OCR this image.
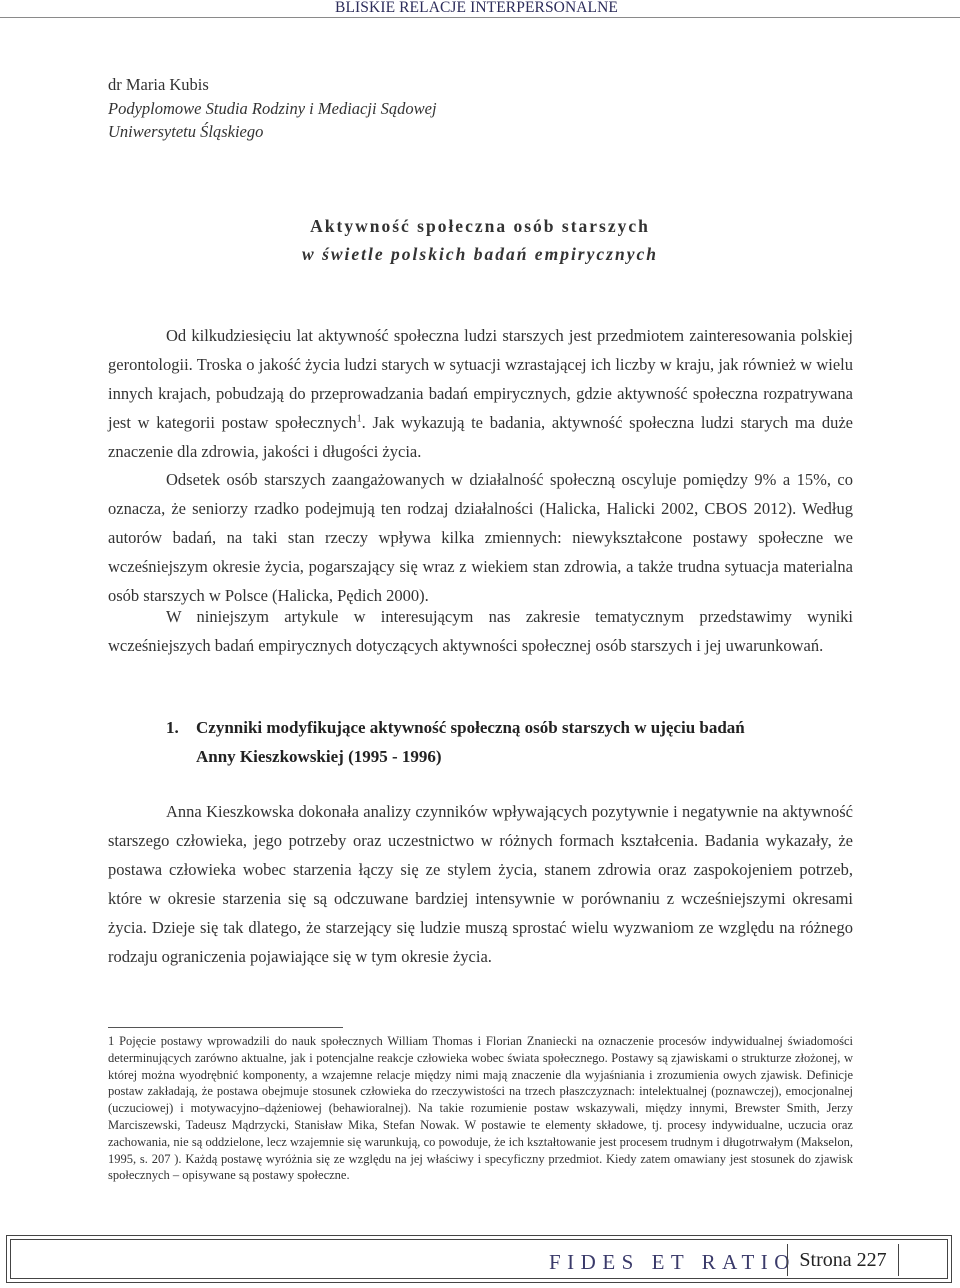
BLISKIE RELACJE INTERPERSONALNE
dr Maria Kubis
Podyplomowe Studia Rodziny i Mediacji Sądowej
Uniwersytetu Śląskiego
Aktywność społeczna osób starszych
w świetle polskich badań empirycznych

Od kilkudziesięciu lat aktywność społeczna ludzi starszych jest przedmiotem zainteresowania polskiej gerontologii. Troska o jakość życia ludzi starych w sytuacji wzrastającej ich liczby w kraju, jak również w wielu innych krajach, pobudzają do przeprowadzania badań empirycznych, gdzie aktywność społeczna rozpatrywana jest w kategorii postaw społecznych$^1$. Jak wykazują te badania, aktywność społeczna ludzi starych ma duże znaczenie dla zdrowia, jakości i długości życia.

Odsetek osób starszych zaangażowanych w działalność społeczną oscyluje pomiędzy 9% a 15%, co oznacza, że seniorzy rzadko podejmują ten rodzaj działalności (Halicka, Halicki 2002, CBOS 2012). Według autorów badań, na taki stan rzeczy wpływa kilka zmiennych: niewykształcone postawy społeczne we wcześniejszym okresie życia, pogarszający się wraz z wiekiem stan zdrowia, a także trudna sytuacja materialna osób starszych w Polsce (Halicka, Pędich 2000).

W niniejszym artykule w interesującym nas zakresie tematycznym przedstawimy wyniki wcześniejszych badań empirycznych dotyczących aktywności społecznej osób starszych i jej uwarunkowań.

1. Czynniki modyfikujące aktywność społeczną osób starszych w ujęciu badań
Anny Kieszkowskiej (1995 - 1996)

Anna Kieszkowska dokonała analizy czynników wpływających pozytywnie i negatywnie na aktywność starszego człowieka, jego potrzeby oraz uczestnictwo w różnych formach kształcenia. Badania wykazały, że postawa człowieka wobec starzenia łączy się ze stylem życia, stanem zdrowia oraz zaspokojeniem potrzeb, które w okresie starzenia się są odczuwane bardziej intensywnie w porównaniu z wcześniejszymi okresami życia. Dzieje się tak dlatego, że starzejący się ludzie muszą sprostać wielu wyzwaniom ze względu na różnego rodzaju ograniczenia pojawiające się w tym okresie życia.

1 Pojęcie postawy wprowadzili do nauk społecznych William Thomas i Florian Znaniecki na oznaczenie procesów indywidualnej świadomości determinujących zarówno aktualne, jak i potencjalne reakcje człowieka wobec świata społecznego. Postawy są zjawiskami o strukturze złożonej, w której można wyodrębnić komponenty, a wzajemne relacje między nimi mają znaczenie dla wyjaśniania i zrozumienia owych zjawisk. Definicje postaw zakładają, że postawa obejmuje stosunek człowieka do rzeczywistości na trzech płaszczyznach: intelektualnej (poznawczej), emocjonalnej (uczuciowej) i motywacyjno–dążeniowej (behawioralnej). Na takie rozumienie postaw wskazywali, między innymi, Brewster Smith, Jerzy Marciszewski, Tadeusz Mądrzycki, Stanisław Mika, Stefan Nowak. W postawie te elementy składowe, tj. procesy indywidualne, uczucia oraz zachowania, nie są oddzielone, lecz wzajemnie się warunkują, co powoduje, że ich kształtowanie jest procesem trudnym i długotrwałym (Makselon, 1995, s. 207 ). Każdą postawę wyróżnia się ze względu na jej właściwy i specyficzny przedmiot. Kiedy zatem omawiany jest stosunek do zjawisk społecznych – opisywane są postawy społeczne.

FIDES ET RATIO Strona 227
